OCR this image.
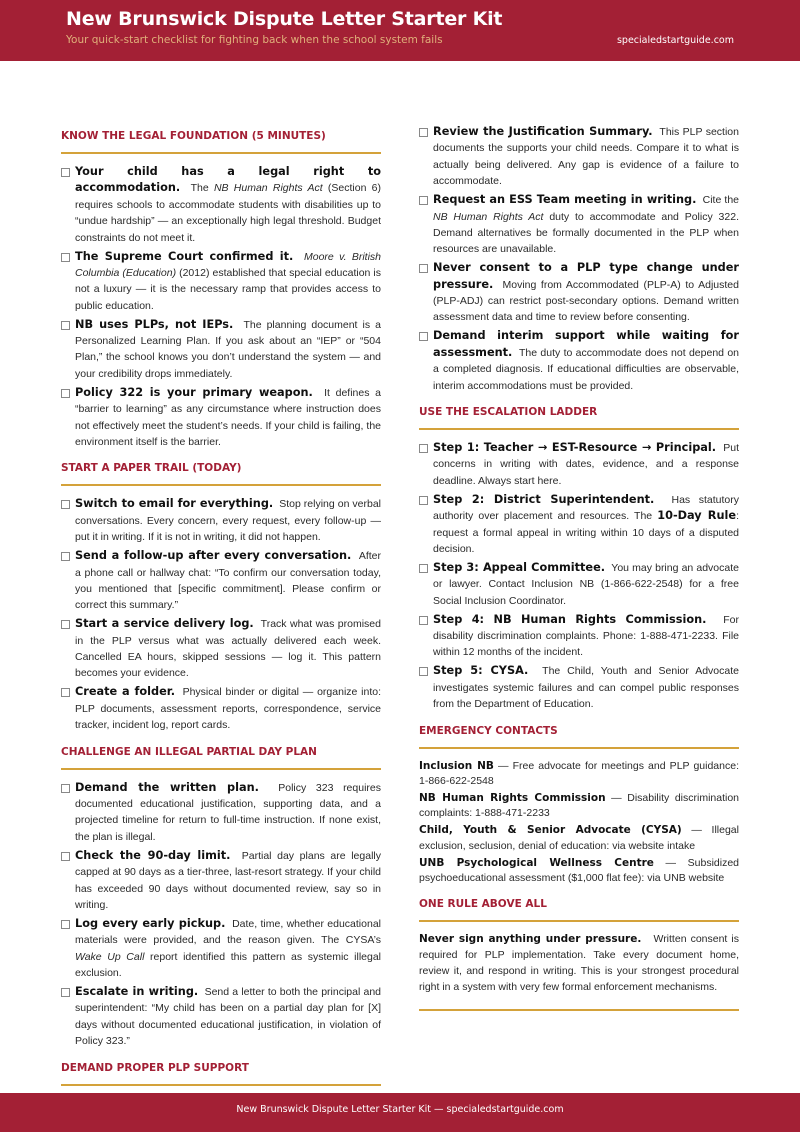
New Brunswick Dispute Letter Starter Kit
Your quick-start checklist for fighting back when the school system fails	specialedstartguide.com
KNOW THE LEGAL FOUNDATION (5 MINUTES)
Your child has a legal right to accommodation. The NB Human Rights Act (Section 6) requires schools to accommodate students with disabilities up to “undue hardship” — an exceptionally high legal threshold. Budget constraints do not meet it.
The Supreme Court confirmed it. Moore v. British Columbia (Education) (2012) established that special education is not a luxury — it is the necessary ramp that provides access to public education.
NB uses PLPs, not IEPs. The planning document is a Personalized Learning Plan. If you ask about an “IEP” or “504 Plan,” the school knows you don’t understand the system — and your credibility drops immediately.
Policy 322 is your primary weapon. It defines a “barrier to learning” as any circumstance where instruction does not effectively meet the student’s needs. If your child is failing, the environment itself is the barrier.
START A PAPER TRAIL (TODAY)
Switch to email for everything. Stop relying on verbal conversations. Every concern, every request, every follow-up — put it in writing. If it is not in writing, it did not happen.
Send a follow-up after every conversation. After a phone call or hallway chat: “To confirm our conversation today, you mentioned that [specific commitment]. Please confirm or correct this summary.”
Start a service delivery log. Track what was promised in the PLP versus what was actually delivered each week. Cancelled EA hours, skipped sessions — log it. This pattern becomes your evidence.
Create a folder. Physical binder or digital — organize into: PLP documents, assessment reports, correspondence, service tracker, incident log, report cards.
CHALLENGE AN ILLEGAL PARTIAL DAY PLAN
Demand the written plan. Policy 323 requires documented educational justification, supporting data, and a projected timeline for return to full-time instruction. If none exist, the plan is illegal.
Check the 90-day limit. Partial day plans are legally capped at 90 days as a tier-three, last-resort strategy. If your child has exceeded 90 days without documented review, say so in writing.
Log every early pickup. Date, time, whether educational materials were provided, and the reason given. The CYSA’s Wake Up Call report identified this pattern as systemic illegal exclusion.
Escalate in writing. Send a letter to both the principal and superintendent: “My child has been on a partial day plan for [X] days without documented educational justification, in violation of Policy 323.”
DEMAND PROPER PLP SUPPORT
Review the Justification Summary. This PLP section documents the supports your child needs. Compare it to what is actually being delivered. Any gap is evidence of a failure to accommodate.
Request an ESS Team meeting in writing. Cite the NB Human Rights Act duty to accommodate and Policy 322. Demand alternatives be formally documented in the PLP when resources are unavailable.
Never consent to a PLP type change under pressure. Moving from Accommodated (PLP-A) to Adjusted (PLP-ADJ) can restrict post-secondary options. Demand written assessment data and time to review before consenting.
Demand interim support while waiting for assessment. The duty to accommodate does not depend on a completed diagnosis. If educational difficulties are observable, interim accommodations must be provided.
USE THE ESCALATION LADDER
Step 1: Teacher → EST-Resource → Principal. Put concerns in writing with dates, evidence, and a response deadline. Always start here.
Step 2: District Superintendent. Has statutory authority over placement and resources. The 10-Day Rule: request a formal appeal in writing within 10 days of a disputed decision.
Step 3: Appeal Committee. You may bring an advocate or lawyer. Contact Inclusion NB (1-866-622-2548) for a free Social Inclusion Coordinator.
Step 4: NB Human Rights Commission. For disability discrimination complaints. Phone: 1-888-471-2233. File within 12 months of the incident.
Step 5: CYSA. The Child, Youth and Senior Advocate investigates systemic failures and can compel public responses from the Department of Education.
EMERGENCY CONTACTS
Inclusion NB — Free advocate for meetings and PLP guidance: 1-866-622-2548
NB Human Rights Commission — Disability discrimination complaints: 1-888-471-2233
Child, Youth & Senior Advocate (CYSA) — Illegal exclusion, seclusion, denial of education: via website intake
UNB Psychological Wellness Centre — Subsidized psychoeducational assessment ($1,000 flat fee): via UNB website
ONE RULE ABOVE ALL
Never sign anything under pressure. Written consent is required for PLP implementation. Take every document home, review it, and respond in writing. This is your strongest procedural right in a system with very few formal enforcement mechanisms.
New Brunswick Dispute Letter Starter Kit — specialedstartguide.com
